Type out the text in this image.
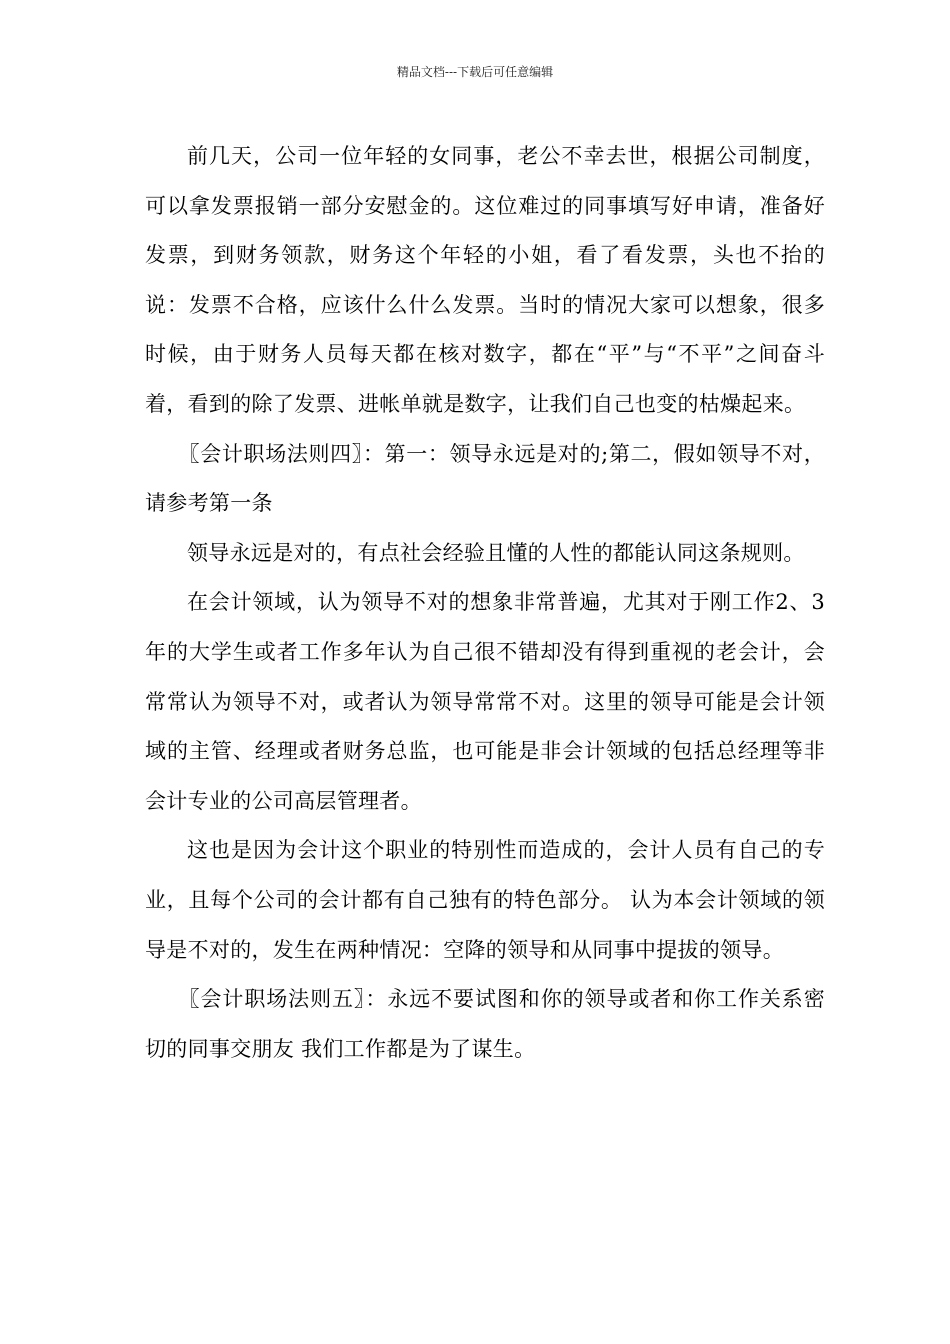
精品文档---下载后可任意编辑

前几天，公司一位年轻的女同事，老公不幸去世，根据公司制度，可以拿发票报销一部分安慰金的。这位难过的同事填写好申请，准备好发票，到财务领款，财务这个年轻的小姐，看了看发票，头也不抬的说：发票不合格，应该什么什么发票。当时的情况大家可以想象，很多时候，由于财务人员每天都在核对数字，都在“平”与“不平”之间奋斗着，看到的除了发票、进帐单就是数字，让我们自己也变的枯燥起来。

〖会计职场法则四〗：第一：领导永远是对的;第二，假如领导不对，请参考第一条

领导永远是对的，有点社会经验且懂的人性的都能认同这条规则。

在会计领域，认为领导不对的想象非常普遍，尤其对于刚工作2、3年的大学生或者工作多年认为自己很不错却没有得到重视的老会计，会常常认为领导不对，或者认为领导常常不对。这里的领导可能是会计领域的主管、经理或者财务总监，也可能是非会计领域的包括总经理等非会计专业的公司高层管理者。

这也是因为会计这个职业的特别性而造成的，会计人员有自己的专业，且每个公司的会计都有自己独有的特色部分。 认为本会计领域的领导是不对的，发生在两种情况：空降的领导和从同事中提拔的领导。

〖会计职场法则五〗：永远不要试图和你的领导或者和你工作关系密切的同事交朋友 我们工作都是为了谋生。
